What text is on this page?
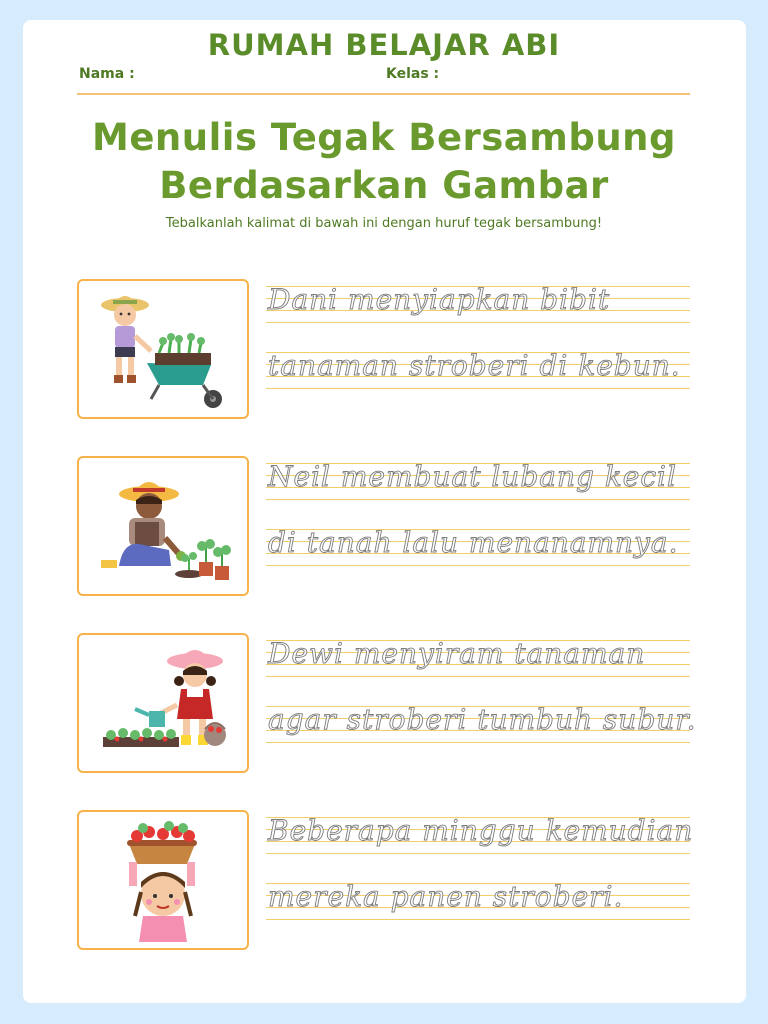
RUMAH BELAJAR ABI
Nama :	Kelas :
Menulis Tegak Bersambung
Berdasarkan Gambar
Tebalkanlah kalimat di bawah ini dengan huruf tegak bersambung!
Dani menyiapkan bibit
tanaman stroberi di kebun.
Neil membuat lubang kecil
di tanah lalu menanamnya.
Dewi menyiram tanaman
agar stroberi tumbuh subur.
Beberapa minggu kemudian
mereka panen stroberi.
